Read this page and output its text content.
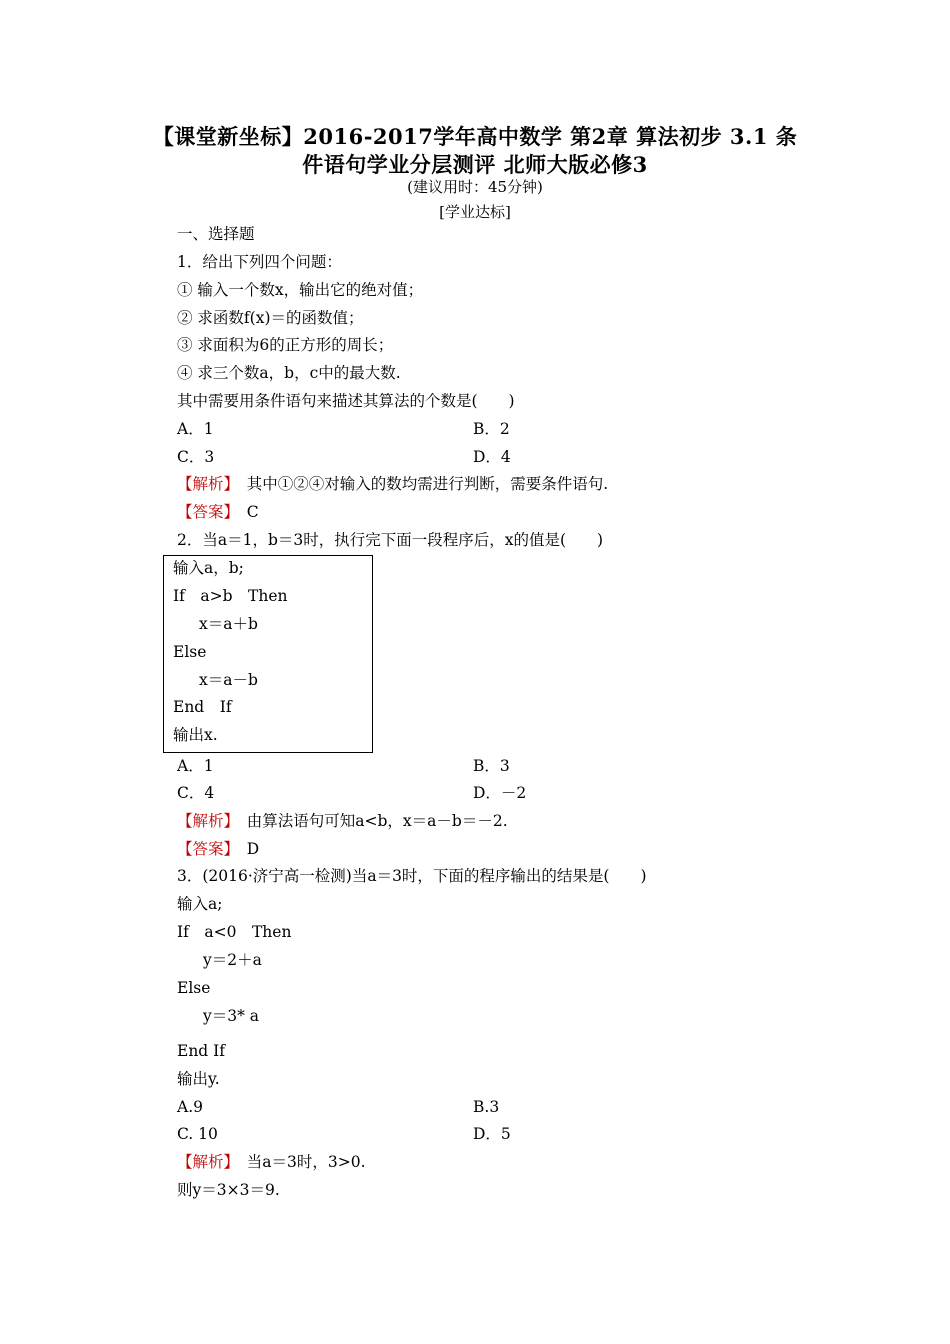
【课堂新坐标】2016-2017学年高中数学 第2章 算法初步 3.1 条
件语句学业分层测评 北师大版必修3
(建议用时：45分钟)
[学业达标]
一、选择题
1．给出下列四个问题：
① 输入一个数x，输出它的绝对值；
② 求函数f(x)＝的函数值；
③ 求面积为6的正方形的周长；
④ 求三个数a，b，c中的最大数.
其中需要用条件语句来描述其算法的个数是(　　)
A．1	B．2
C．3	D．4
【解析】　 其中①②④对输入的数均需进行判断，需要条件语句.
【答案】　 C
2．当a＝1，b＝3时，执行完下面一段程序后，x的值是(　　)
输入a，b;
If　a>b　Then
x＝a＋b
Else
x＝a－b
End　If
输出x.
A．1	B．3
C．4	D．－2
【解析】　 由算法语句可知a<b，x＝a－b＝－2.
【答案】　 D
3．(2016·济宁高一检测)当a＝3时，下面的程序输出的结果是(　　)
输入a;
If　a<0　Then
y＝2＋a
Else
y＝3* a
End If
输出y.
A.9	B.3
C. 10	D．5
【解析】　 当a＝3时，3>0.
则y＝3×3＝9.
